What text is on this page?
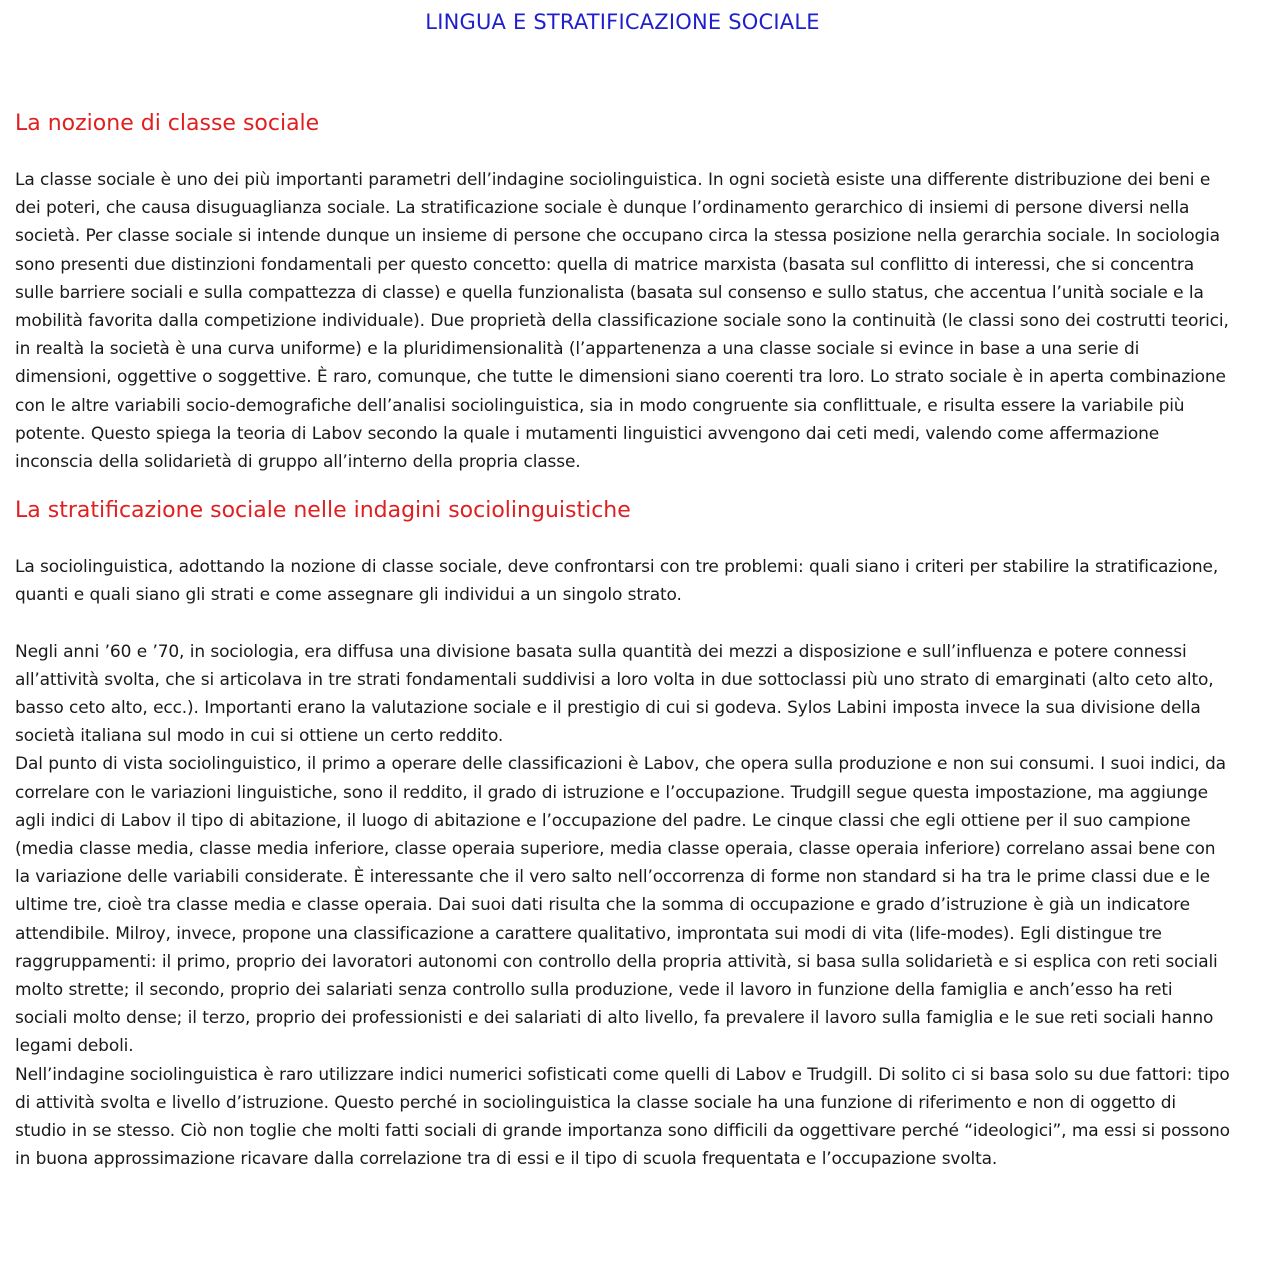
LINGUA E STRATIFICAZIONE SOCIALE
La nozione di classe sociale

La classe sociale è uno dei più importanti parametri dell’indagine sociolinguistica. In ogni società esiste una differente distribuzione dei beni e dei poteri, che causa disuguaglianza sociale. La stratificazione sociale è dunque l’ordinamento gerarchico di insiemi di persone diversi nella società. Per classe sociale si intende dunque un insieme di persone che occupano circa la stessa posizione nella gerarchia sociale. In sociologia sono presenti due distinzioni fondamentali per questo concetto: quella di matrice marxista (basata sul conflitto di interessi, che si concentra sulle barriere sociali e sulla compattezza di classe) e quella funzionalista (basata sul consenso e sullo status, che accentua l’unità sociale e la mobilità favorita dalla competizione individuale). Due proprietà della classificazione sociale sono la continuità (le classi sono dei costrutti teorici, in realtà la società è una curva uniforme) e la pluridimensionalità (l’appartenenza a una classe sociale si evince in base a una serie di dimensioni, oggettive o soggettive. È raro, comunque, che tutte le dimensioni siano coerenti tra loro. Lo strato sociale è in aperta combinazione con le altre variabili socio-demografiche dell’analisi sociolinguistica, sia in modo congruente sia conflittuale, e risulta essere la variabile più potente. Questo spiega la teoria di Labov secondo la quale i mutamenti linguistici avvengono dai ceti medi, valendo come affermazione inconscia della solidarietà di gruppo all’interno della propria classe.

La stratificazione sociale nelle indagini sociolinguistiche

La sociolinguistica, adottando la nozione di classe sociale, deve confrontarsi con tre problemi: quali siano i criteri per stabilire la stratificazione, quanti e quali siano gli strati e come assegnare gli individui a un singolo strato.

Negli anni ’60 e ’70, in sociologia, era diffusa una divisione basata sulla quantità dei mezzi a disposizione e sull’influenza e potere connessi all’attività svolta, che si articolava in tre strati fondamentali suddivisi a loro volta in due sottoclassi più uno strato di emarginati (alto ceto alto, basso ceto alto, ecc.). Importanti erano la valutazione sociale e il prestigio di cui si godeva. Sylos Labini imposta invece la sua divisione della società italiana sul modo in cui si ottiene un certo reddito.

Dal punto di vista sociolinguistico, il primo a operare delle classificazioni è Labov, che opera sulla produzione e non sui consumi. I suoi indici, da correlare con le variazioni linguistiche, sono il reddito, il grado di istruzione e l’occupazione. Trudgill segue questa impostazione, ma aggiunge agli indici di Labov il tipo di abitazione, il luogo di abitazione e l’occupazione del padre. Le cinque classi che egli ottiene per il suo campione (media classe media, classe media inferiore, classe operaia superiore, media classe operaia, classe operaia inferiore) correlano assai bene con la variazione delle variabili considerate. È interessante che il vero salto nell’occorrenza di forme non standard si ha tra le prime classi due e le ultime tre, cioè tra classe media e classe operaia. Dai suoi dati risulta che la somma di occupazione e grado d’istruzione è già un indicatore attendibile. Milroy, invece, propone una classificazione a carattere qualitativo, improntata sui modi di vita (life-modes). Egli distingue tre raggruppamenti: il primo, proprio dei lavoratori autonomi con controllo della propria attività, si basa sulla solidarietà e si esplica con reti sociali molto strette; il secondo, proprio dei salariati senza controllo sulla produzione, vede il lavoro in funzione della famiglia e anch’esso ha reti sociali molto dense; il terzo, proprio dei professionisti e dei salariati di alto livello, fa prevalere il lavoro sulla famiglia e le sue reti sociali hanno legami deboli.

Nell’indagine sociolinguistica è raro utilizzare indici numerici sofisticati come quelli di Labov e Trudgill. Di solito ci si basa solo su due fattori: tipo di attività svolta e livello d’istruzione. Questo perché in sociolinguistica la classe sociale ha una funzione di riferimento e non di oggetto di studio in se stesso. Ciò non toglie che molti fatti sociali di grande importanza sono difficili da oggettivare perché “ideologici”, ma essi si possono in buona approssimazione ricavare dalla correlazione tra di essi e il tipo di scuola frequentata e l’occupazione svolta.
